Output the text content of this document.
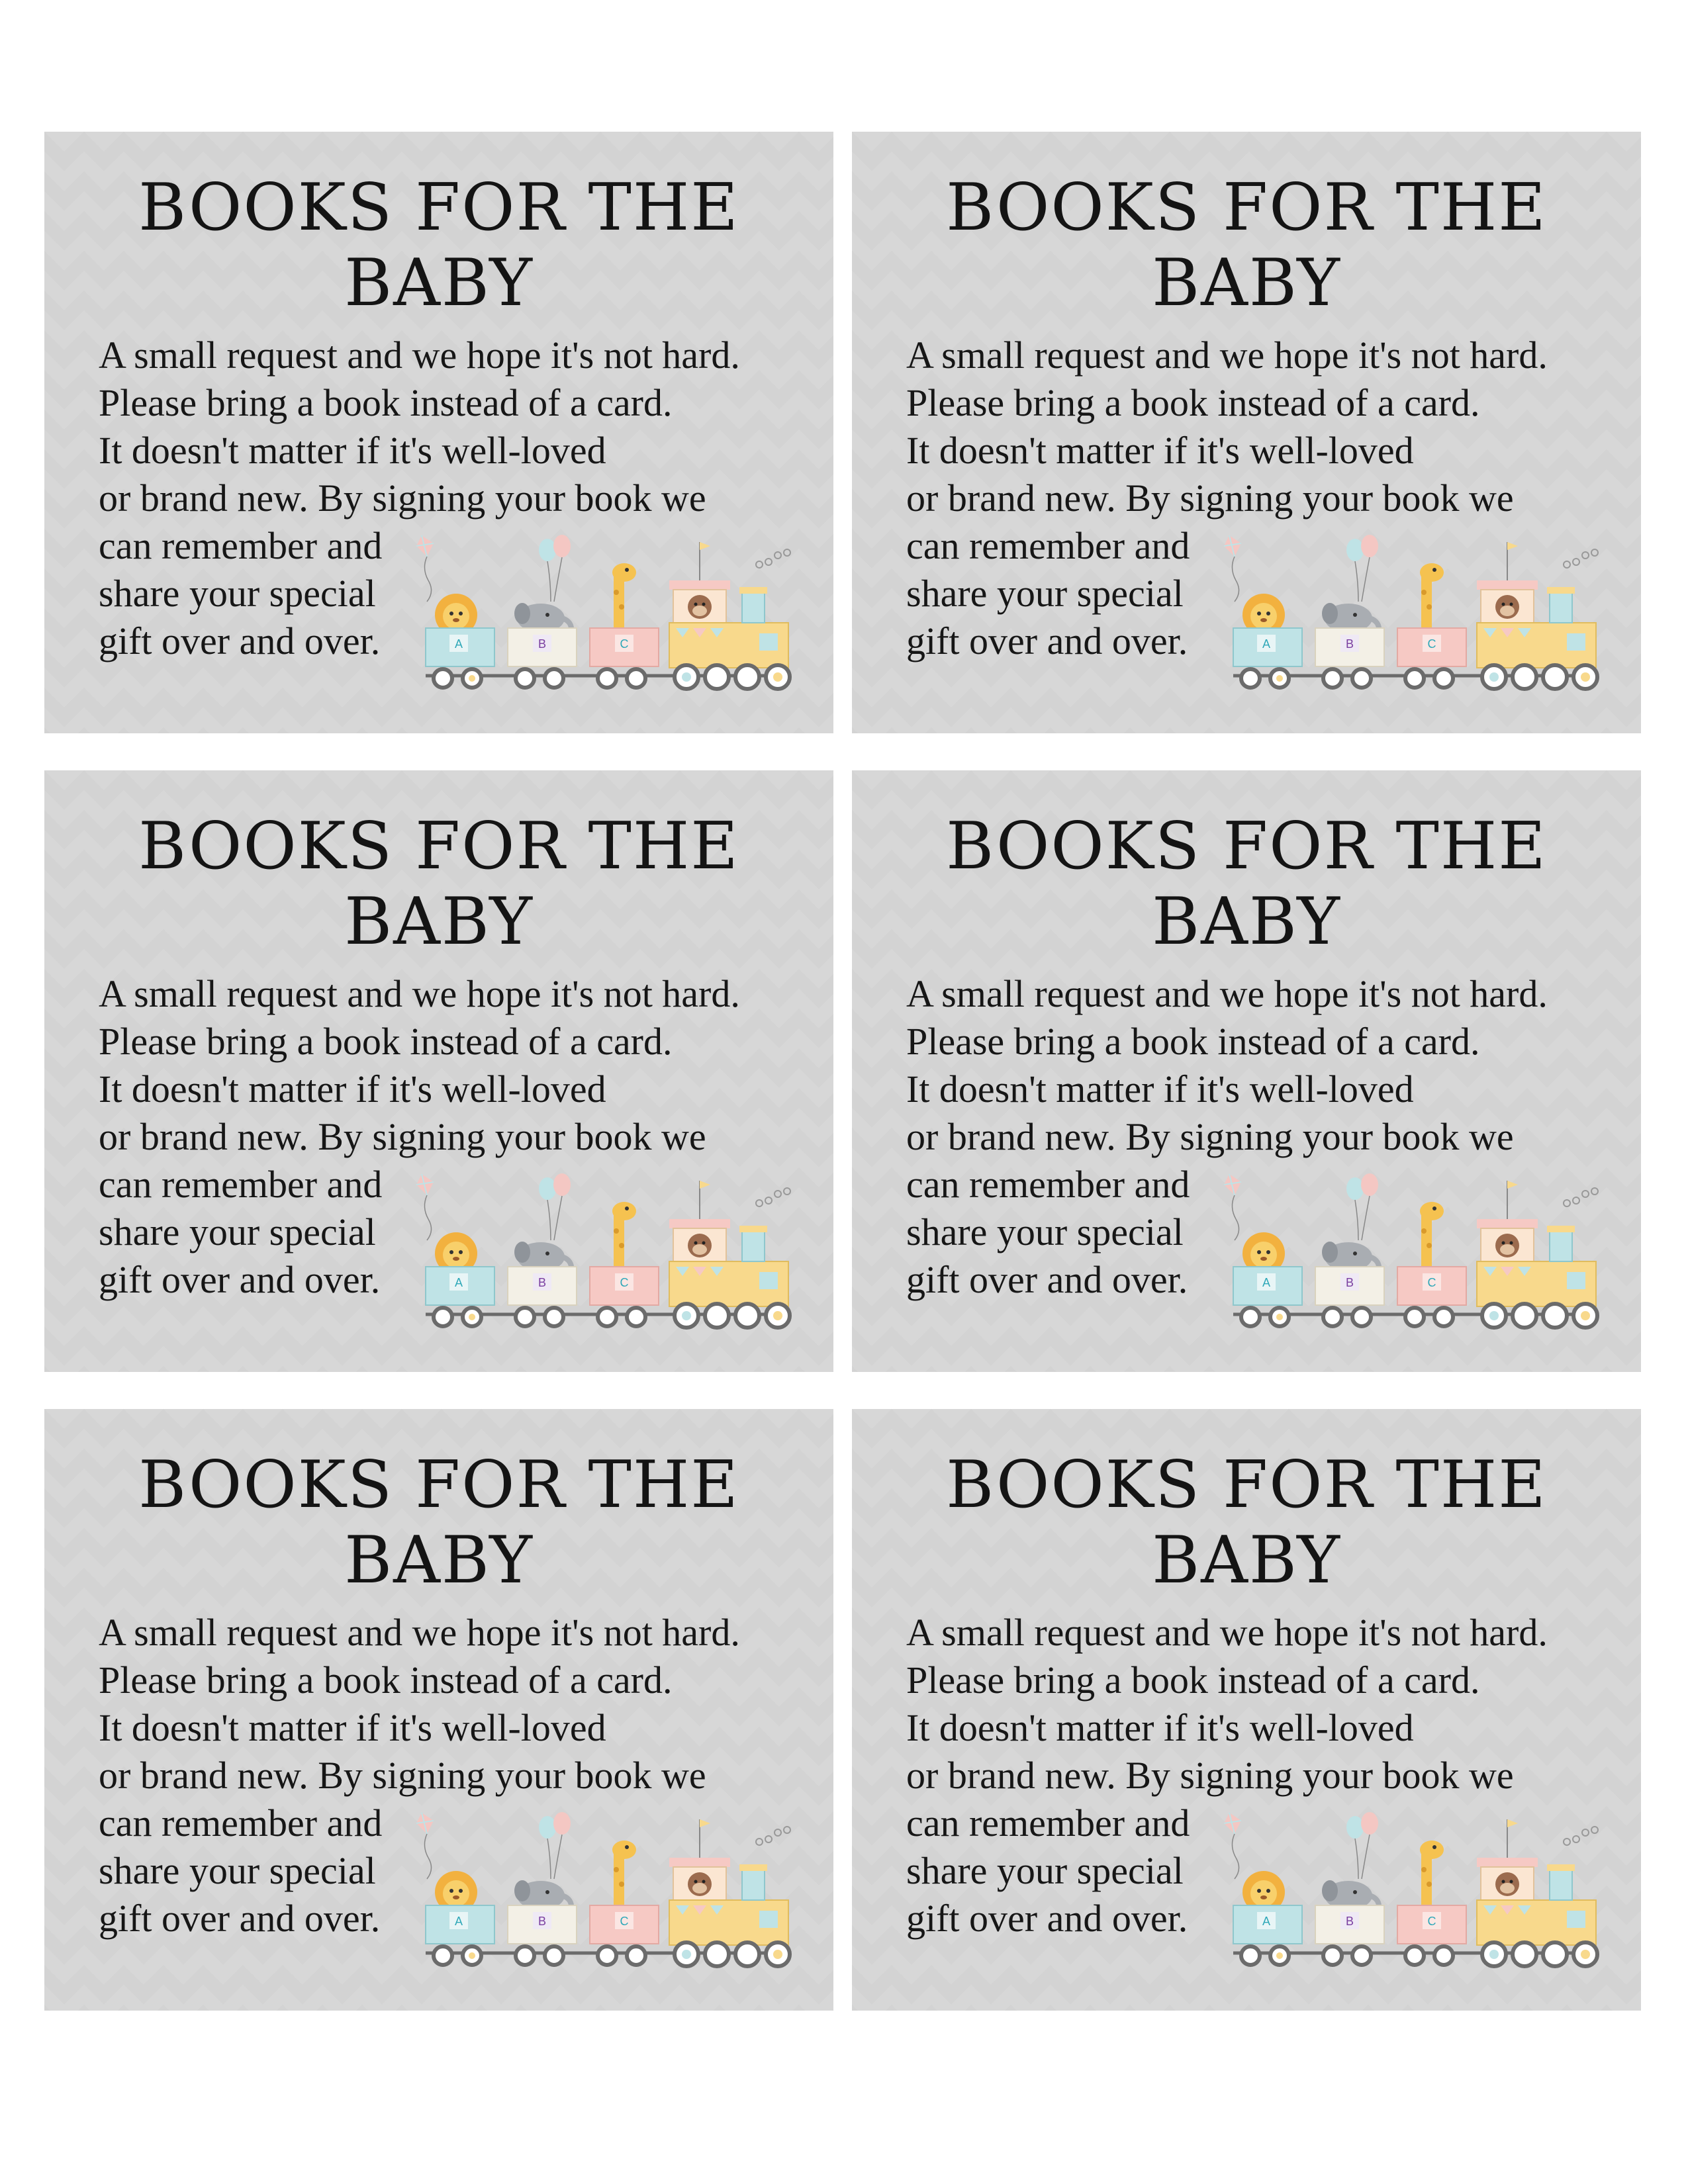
BOOKS FOR THE
BABY
A small request and we hope it's not hard.
Please bring a book instead of a card.
It doesn't matter if it's well-loved
or brand new. By signing your book we
can remember and
share your special
gift over and over.	A	B	C
BOOKS FOR THE
BABY
A small request and we hope it's not hard.
Please bring a book instead of a card.
It doesn't matter if it's well-loved
or brand new. By signing your book we
can remember and
share your special
gift over and over.	A	B	C
BOOKS FOR THE
BABY
A small request and we hope it's not hard.
Please bring a book instead of a card.
It doesn't matter if it's well-loved
or brand new. By signing your book we
can remember and
share your special
gift over and over.	A	B	C
BOOKS FOR THE
BABY
A small request and we hope it's not hard.
Please bring a book instead of a card.
It doesn't matter if it's well-loved
or brand new. By signing your book we
can remember and
share your special
gift over and over.	A	B	C
BOOKS FOR THE
BABY
A small request and we hope it's not hard.
Please bring a book instead of a card.
It doesn't matter if it's well-loved
or brand new. By signing your book we
can remember and
share your special
gift over and over.	A	B	C
BOOKS FOR THE
BABY
A small request and we hope it's not hard.
Please bring a book instead of a card.
It doesn't matter if it's well-loved
or brand new. By signing your book we
can remember and
share your special
gift over and over.	A	B	C
